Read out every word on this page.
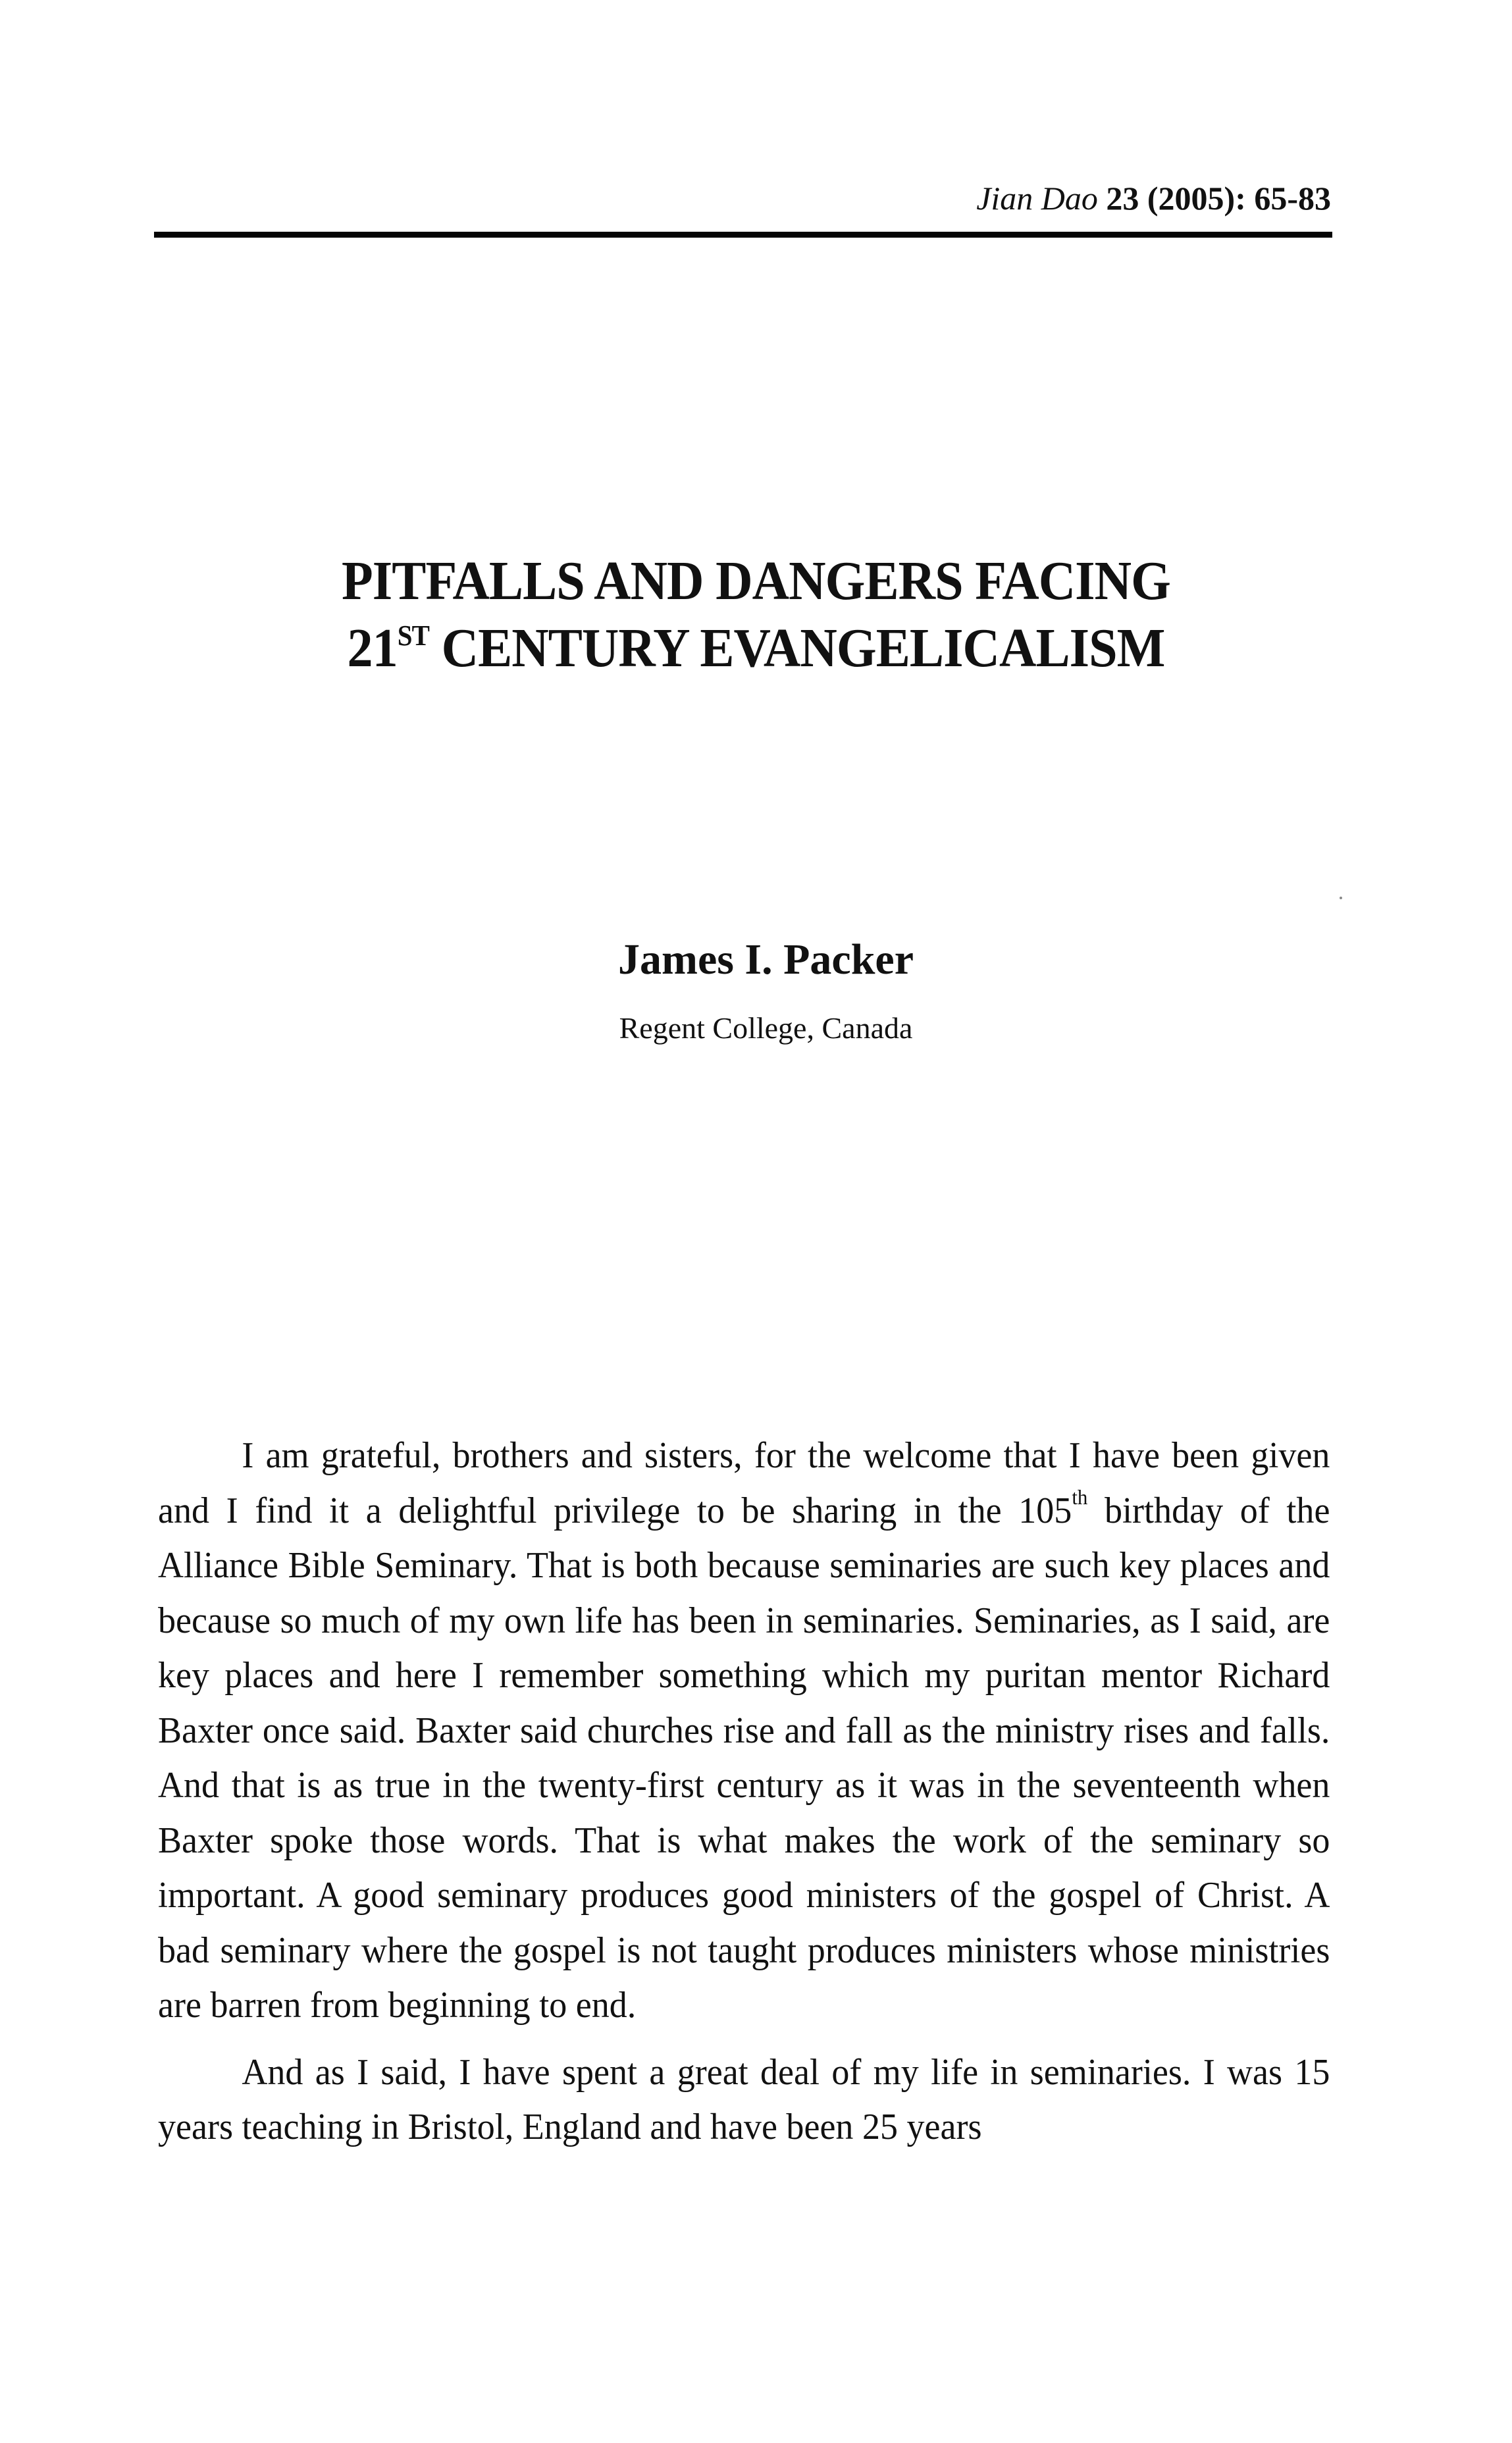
Jian Dao 23 (2005): 65-83
PITFALLS AND DANGERS FACING
21ST CENTURY EVANGELICALISM
James I. Packer
Regent College, Canada

I am grateful, brothers and sisters, for the welcome that I have been given and I find it a delightful privilege to be sharing in the 105th birthday of the Alliance Bible Seminary. That is both because seminaries are such key places and because so much of my own life has been in seminaries. Seminaries, as I said, are key places and here I remember something which my puritan mentor Richard Baxter once said. Baxter said churches rise and fall as the ministry rises and falls. And that is as true in the twenty-first century as it was in the seventeenth when Baxter spoke those words. That is what makes the work of the seminary so important. A good seminary produces good ministers of the gospel of Christ. A bad seminary where the gospel is not taught produces ministers whose ministries are barren from beginning to end.

And as I said, I have spent a great deal of my life in seminaries. I was 15 years teaching in Bristol, England and have been 25 years
